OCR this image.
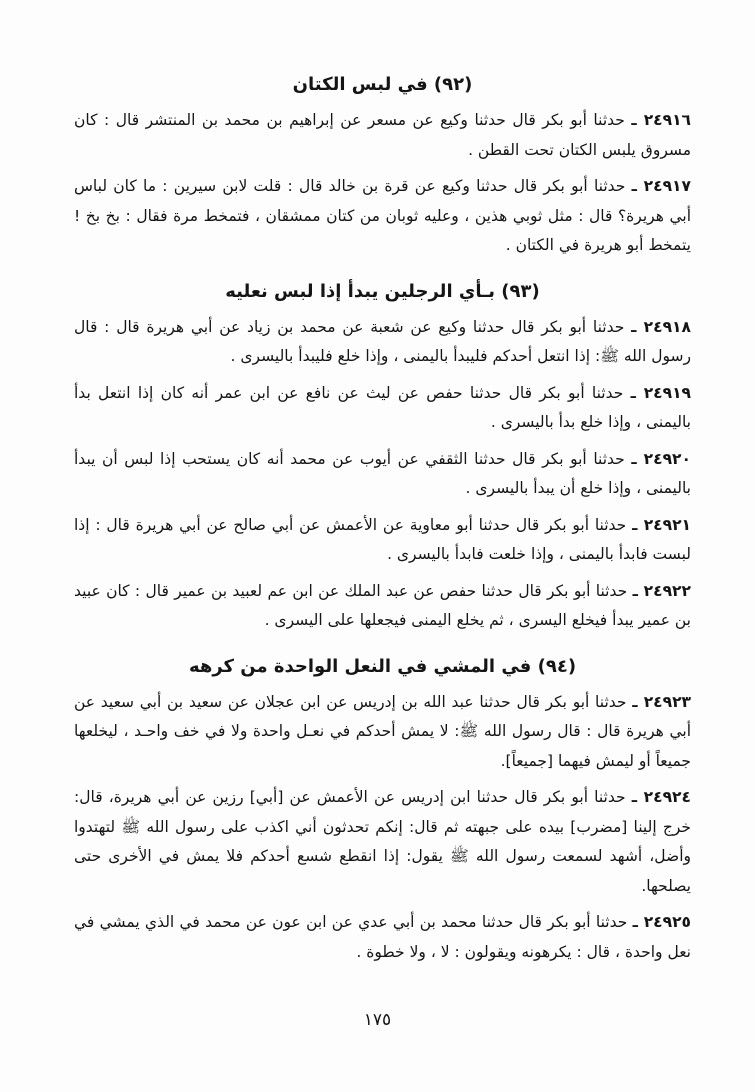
(٩٢) في لبس الكتان

٢٤٩١٦ ـ حدثنا أبو بكر قال حدثنا وكيع عن مسعر عن إبراهيم بن محمد بن المنتشر قال : كان مسروق يلبس الكتان تحت القطن .

٢٤٩١٧ ـ حدثنا أبو بكر قال حدثنا وكيع عن قرة بن خالد قال : قلت لابن سيرين : ما كان لباس أبي هريرة؟ قال : مثل ثوبي هذين ، وعليه ثوبان من كتان ممشقان ، فتمخط مرة فقال : بخ بخ ! يتمخط أبو هريرة في الكتان .

(٩٣) بـأي الرجلين يبدأ إذا لبس نعليه

٢٤٩١٨ ـ حدثنا أبو بكر قال حدثنا وكيع عن شعبة عن محمد بن زياد عن أبي هريرة قال : قال رسول الله ﷺ: إذا انتعل أحدكم فليبدأ باليمنى ، وإذا خلع فليبدأ باليسرى .

٢٤٩١٩ ـ حدثنا أبو بكر قال حدثنا حفص عن ليث عن نافع عن ابن عمر أنه كان إذا انتعل بدأ باليمنى ، وإذا خلع بدأ باليسرى .

٢٤٩٢٠ ـ حدثنا أبو بكر قال حدثنا الثقفي عن أيوب عن محمد أنه كان يستحب إذا لبس أن يبدأ باليمنى ، وإذا خلع أن يبدأ باليسرى .

٢٤٩٢١ ـ حدثنا أبو بكر قال حدثنا أبو معاوية عن الأعمش عن أبي صالح عن أبي هريرة قال : إذا لبست فابدأ باليمنى ، وإذا خلعت فابدأ باليسرى .

٢٤٩٢٢ ـ حدثنا أبو بكر قال حدثنا حفص عن عبد الملك عن ابن عم لعبيد بن عمير قال : كان عبيد بن عمير يبدأ فيخلع اليسرى ، ثم يخلع اليمنى فيجعلها على اليسرى .

(٩٤) في المشي في النعل الواحدة من كرهه

٢٤٩٢٣ ـ حدثنا أبو بكر قال حدثنا عبد الله بن إدريس عن ابن عجلان عن سعيد بن أبي سعيد عن أبي هريرة قال : قال رسول الله ﷺ: لا يمش أحدكم في نعـل واحدة ولا في خف واحـد ، ليخلعها جميعاً أو ليمش فيهما [جميعاً].

٢٤٩٢٤ ـ حدثنا أبو بكر قال حدثنا ابن إدريس عن الأعمش عن [أبي] رزين عن أبي هريرة، قال: خرج إلينا [مضرب] بيده على جبهته ثم قال: إنكم تحدثون أني اكذب على رسول الله ﷺ لتهتدوا وأضل، أشهد لسمعت رسول الله ﷺ يقول: إذا انقطع شسع أحدكم فلا يمش في الأخرى حتى يصلحها.

٢٤٩٢٥ ـ حدثنا أبو بكر قال حدثنا محمد بن أبي عدي عن ابن عون عن محمد في الذي يمشي في نعل واحدة ، قال : يكرهونه ويقولون : لا ، ولا خطوة .

١٧٥
